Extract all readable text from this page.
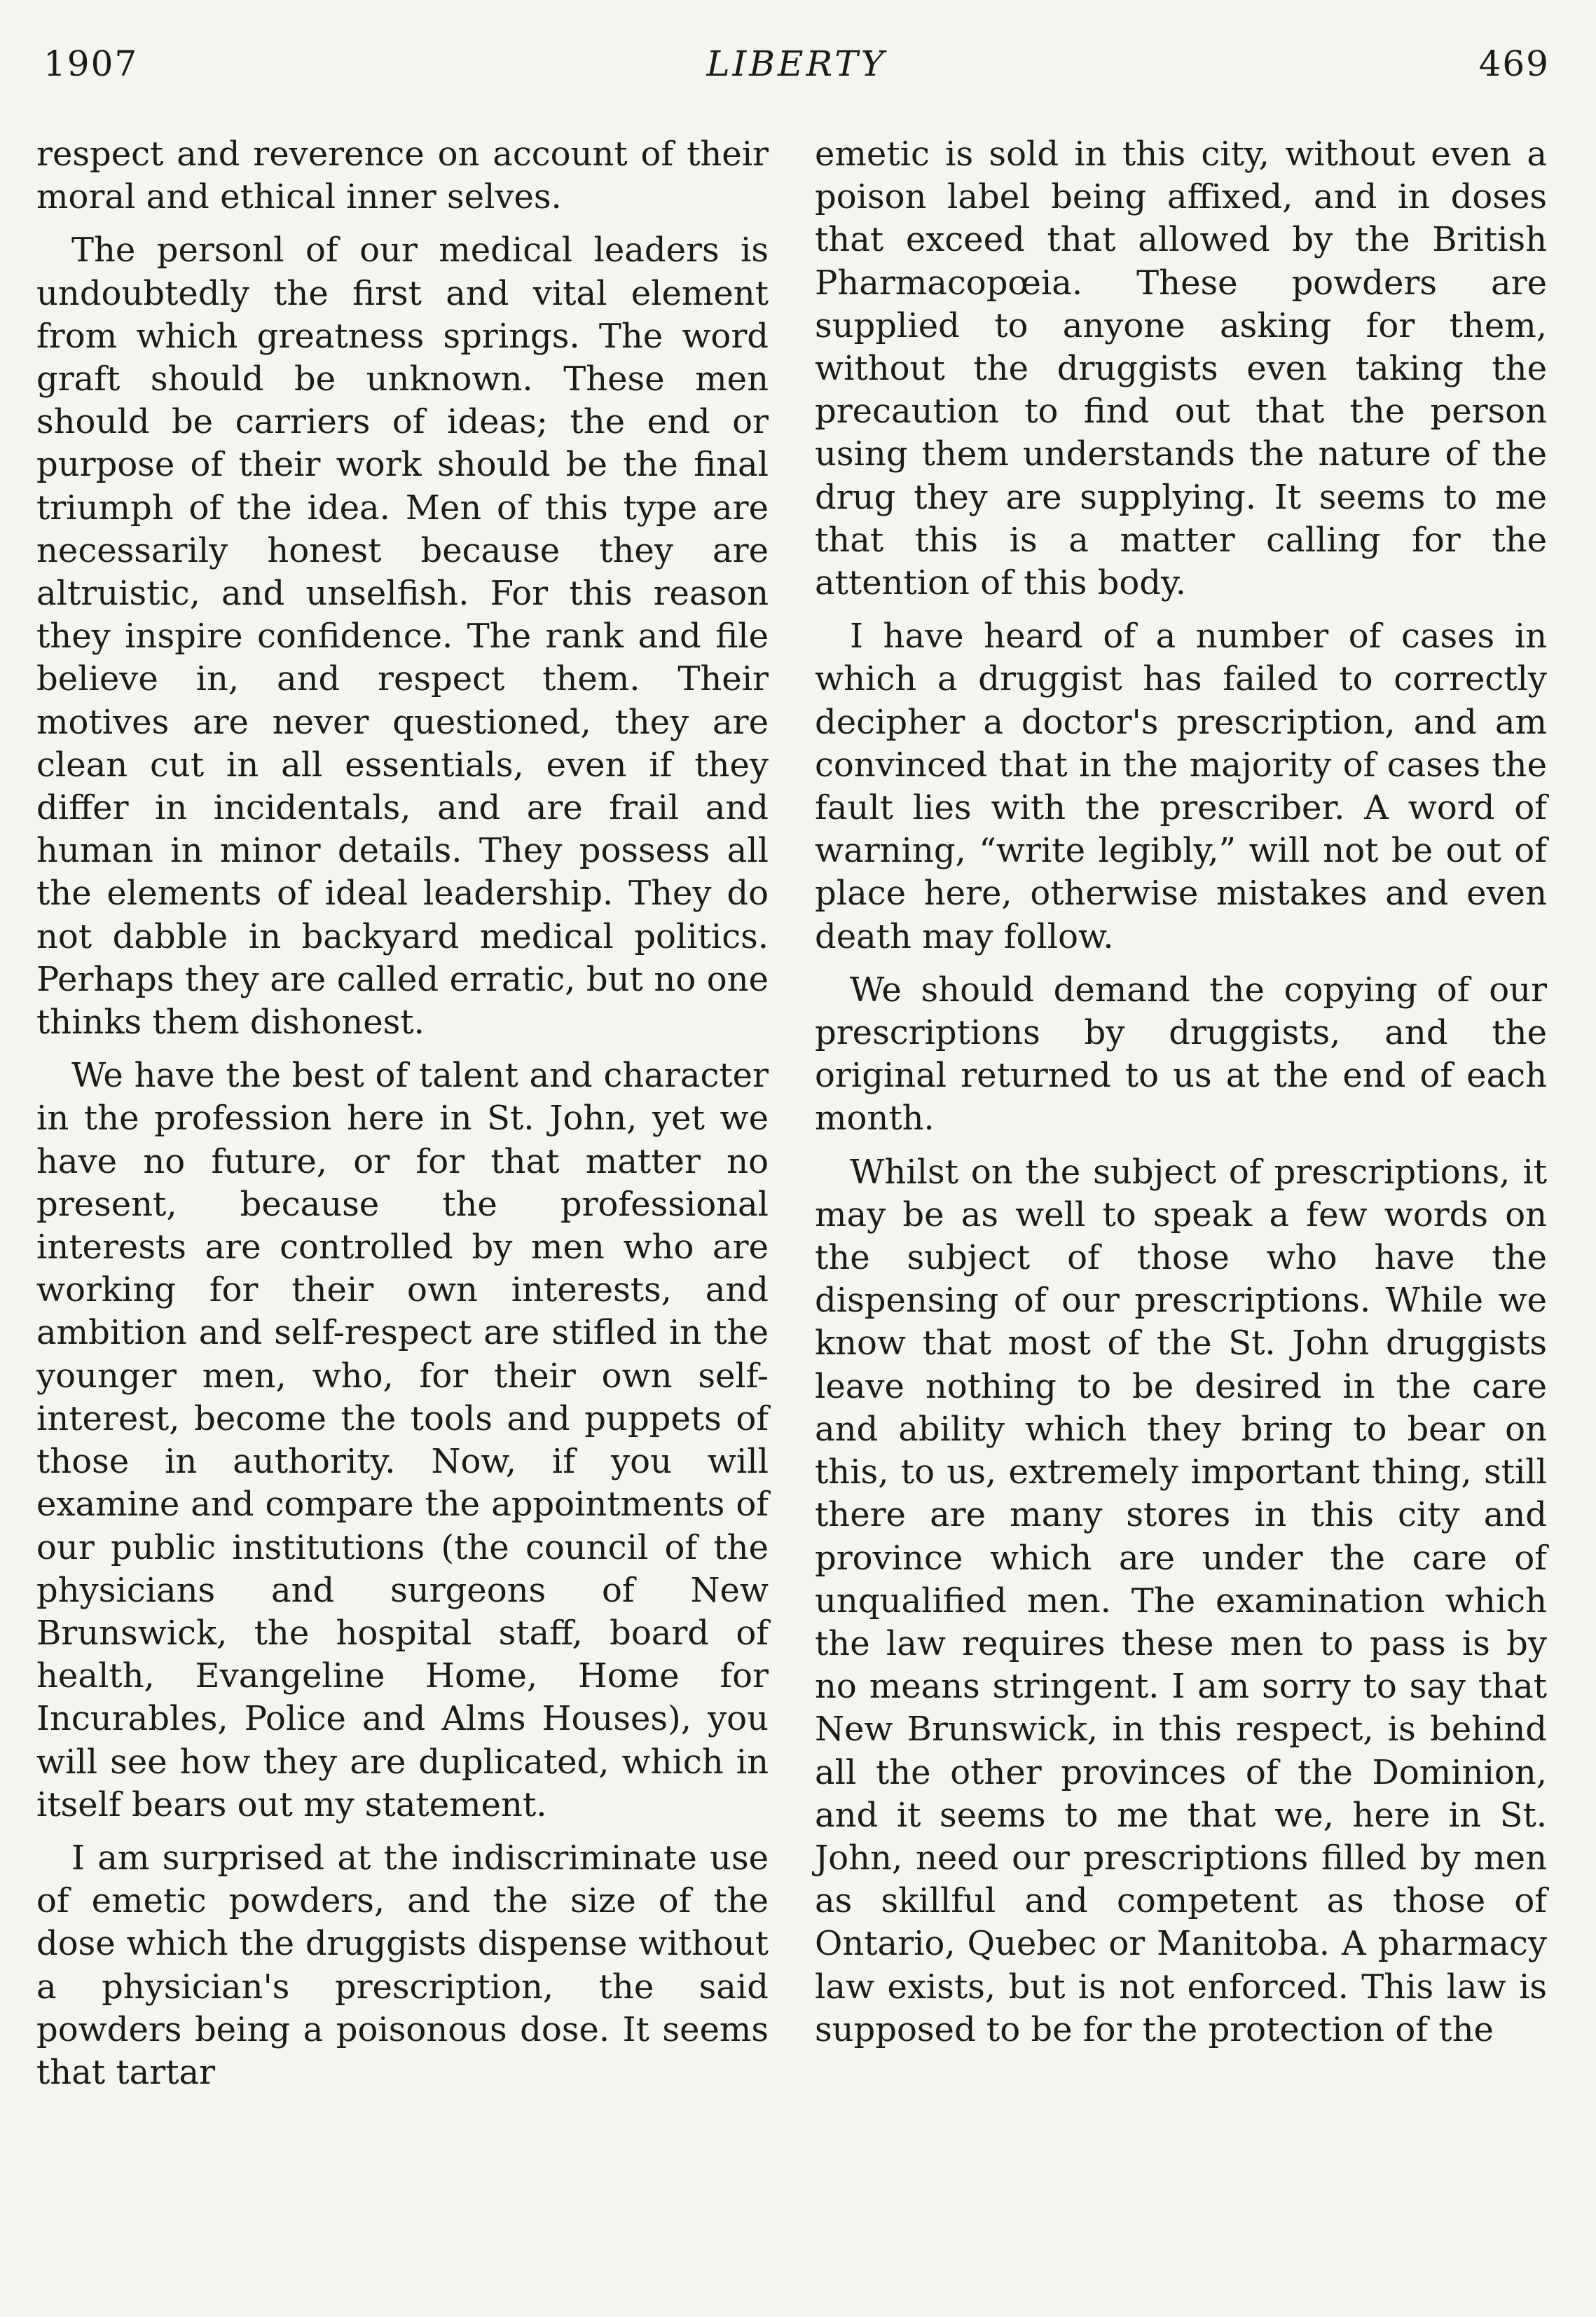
1907	LIBERTY	469

respect and reverence on account of their moral and ethical inner selves.

The personl of our medical leaders is undoubtedly the first and vital element from which greatness springs. The word graft should be unknown. These men should be carriers of ideas; the end or purpose of their work should be the final triumph of the idea. Men of this type are necessarily honest because they are altruistic, and unselfish. For this reason they inspire confidence. The rank and file believe in, and respect them. Their motives are never questioned, they are clean cut in all essentials, even if they differ in incidentals, and are frail and human in minor details. They possess all the elements of ideal leadership. They do not dabble in backyard medical politics. Perhaps they are called erratic, but no one thinks them dishonest.

We have the best of talent and character in the profession here in St. John, yet we have no future, or for that matter no present, because the professional interests are controlled by men who are working for their own interests, and ambition and self-respect are stifled in the younger men, who, for their own self-interest, become the tools and puppets of those in authority. Now, if you will examine and compare the appointments of our public institutions (the council of the physicians and surgeons of New Brunswick, the hospital staff, board of health, Evangeline Home, Home for Incurables, Police and Alms Houses), you will see how they are duplicated, which in itself bears out my statement.

I am surprised at the indiscriminate use of emetic powders, and the size of the dose which the druggists dispense without a physician's prescription, the said powders being a poisonous dose. It seems that tartar

emetic is sold in this city, without even a poison label being affixed, and in doses that exceed that allowed by the British Pharmacopœia. These powders are supplied to anyone asking for them, without the druggists even taking the precaution to find out that the person using them understands the nature of the drug they are supplying. It seems to me that this is a matter calling for the attention of this body.

I have heard of a number of cases in which a druggist has failed to correctly decipher a doctor's prescription, and am convinced that in the majority of cases the fault lies with the prescriber. A word of warning, “write legibly,” will not be out of place here, otherwise mistakes and even death may follow.

We should demand the copying of our prescriptions by druggists, and the original returned to us at the end of each month.

Whilst on the subject of prescriptions, it may be as well to speak a few words on the subject of those who have the dispensing of our prescriptions. While we know that most of the St. John druggists leave nothing to be desired in the care and ability which they bring to bear on this, to us, extremely important thing, still there are many stores in this city and province which are under the care of unqualified men. The examination which the law requires these men to pass is by no means stringent. I am sorry to say that New Brunswick, in this respect, is behind all the other provinces of the Dominion, and it seems to me that we, here in St. John, need our prescriptions filled by men as skillful and competent as those of Ontario, Quebec or Manitoba. A pharmacy law exists, but is not enforced. This law is supposed to be for the protection of the
